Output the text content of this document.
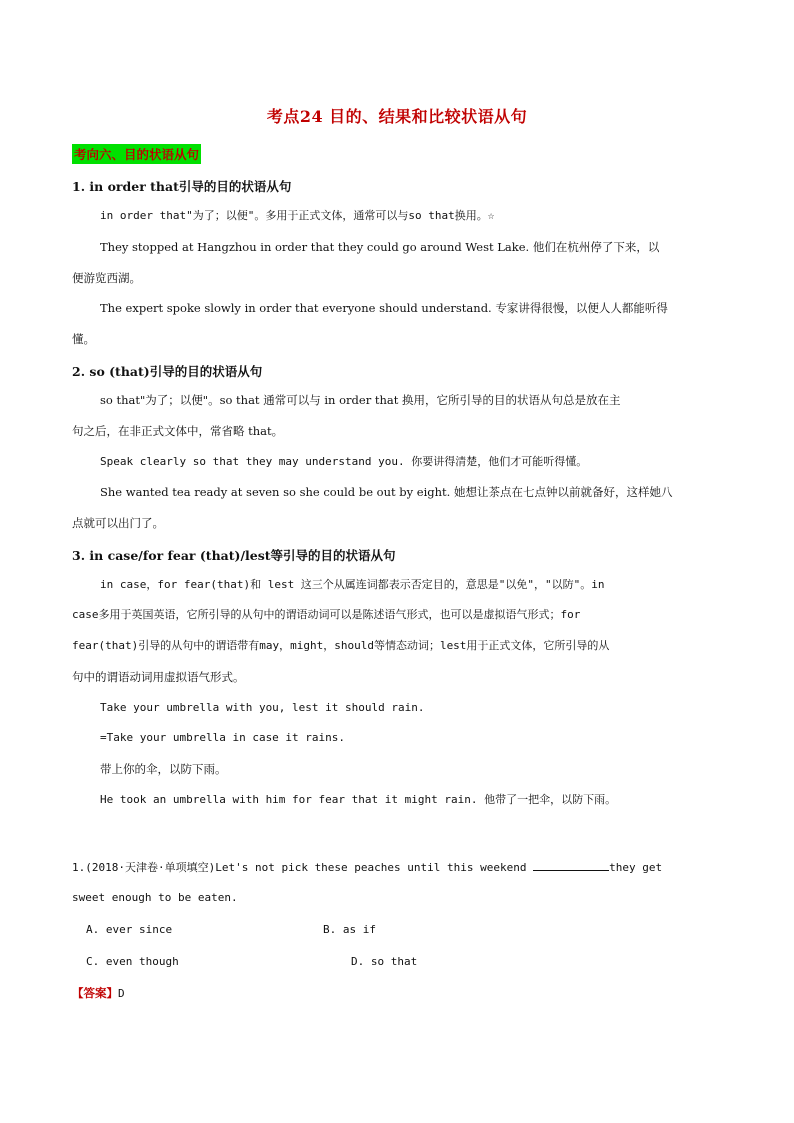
考点24 目的、结果和比较状语从句
考向六、目的状语从句
1. in order that引导的目的状语从句
in order that"为了；以便"。多用于正式文体，通常可以与so that换用。☆
They stopped at Hangzhou in order that they could go around West Lake. 他们在杭州停了下来，以
便游览西湖。
The expert spoke slowly in order that everyone should understand. 专家讲得很慢，以便人人都能听得
懂。
2. so (that)引导的目的状语从句
so that"为了；以便"。so that 通常可以与 in order that 换用，它所引导的目的状语从句总是放在主
句之后，在非正式文体中，常省略 that。
Speak clearly so that they may understand you. 你要讲得清楚，他们才可能听得懂。
She wanted tea ready at seven so she could be out by eight. 她想让茶点在七点钟以前就备好，这样她八
点就可以出门了。
3. in case/for fear (that)/lest等引导的目的状语从句
in case，for fear(that)和 lest 这三个从属连词都表示否定目的，意思是"以免"，"以防"。in
case多用于英国英语，它所引导的从句中的谓语动词可以是陈述语气形式，也可以是虚拟语气形式；for
fear(that)引导的从句中的谓语带有may，might，should等情态动词；lest用于正式文体，它所引导的从
句中的谓语动词用虚拟语气形式。
Take your umbrella with you, lest it should rain.
=Take your umbrella in case it rains.
带上你的伞，以防下雨。
He took an umbrella with him for fear that it might rain. 他带了一把伞，以防下雨。
1.(2018·天津卷·单项填空)Let's not pick these peaches until this weekend	they get
sweet enough to be eaten.
A. ever since	B. as if
C. even though	D. so that
【答案】D
